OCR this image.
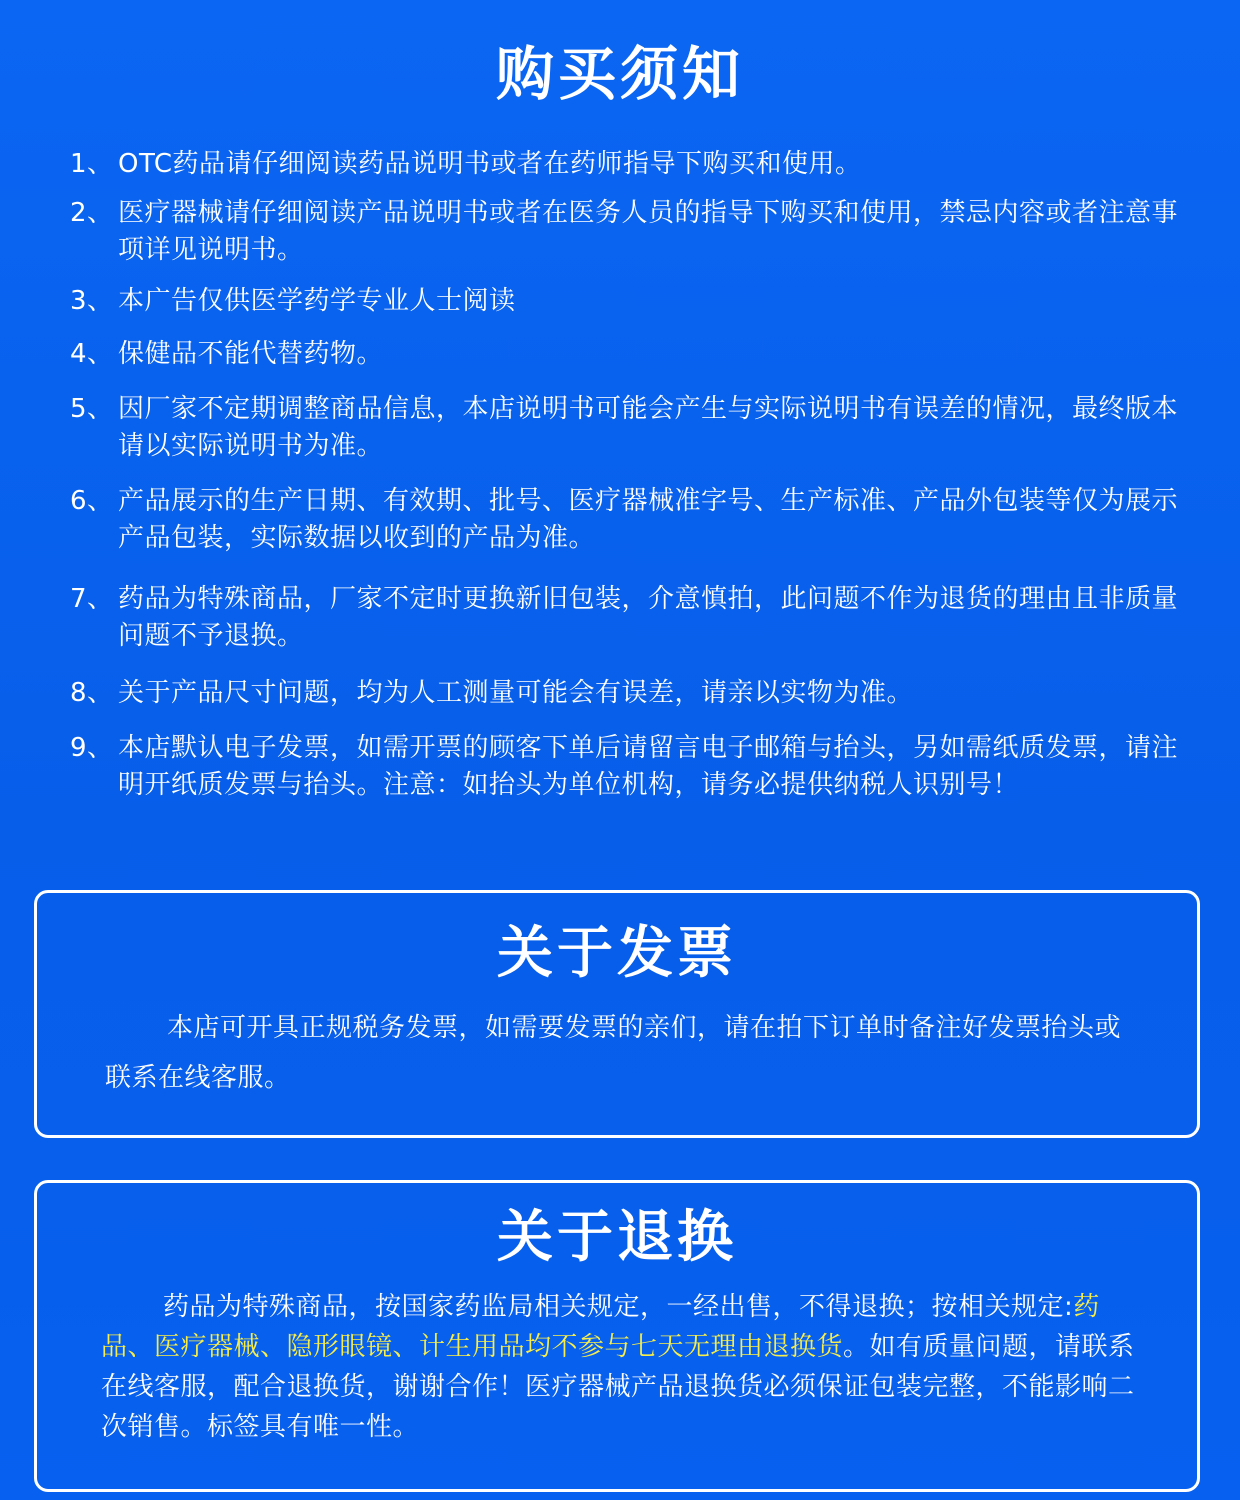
购买须知
1、 OTC药品请仔细阅读药品说明书或者在药师指导下购买和使用。
2、 医疗器械请仔细阅读产品说明书或者在医务人员的指导下购买和使用，禁忌内容或者注意事项详见说明书。
3、 本广告仅供医学药学专业人士阅读
4、 保健品不能代替药物。
5、 因厂家不定期调整商品信息，本店说明书可能会产生与实际说明书有误差的情况，最终版本请以实际说明书为准。
6、 产品展示的生产日期、有效期、批号、医疗器械准字号、生产标准、产品外包装等仅为展示产品包装，实际数据以收到的产品为准。
7、 药品为特殊商品，厂家不定时更换新旧包装，介意慎拍，此问题不作为退货的理由且非质量问题不予退换。
8、 关于产品尺寸问题，均为人工测量可能会有误差，请亲以实物为准。
9、 本店默认电子发票，如需开票的顾客下单后请留言电子邮箱与抬头，另如需纸质发票，请注明开纸质发票与抬头。注意：如抬头为单位机构，请务必提供纳税人识别号！
关于发票

本店可开具正规税务发票，如需要发票的亲们，请在拍下订单时备注好发票抬头或联系在线客服。

关于退换

药品为特殊商品，按国家药监局相关规定，一经出售，不得退换；按相关规定:药品、医疗器械、隐形眼镜、计生用品均不参与七天无理由退换货。如有质量问题，请联系在线客服，配合退换货，谢谢合作！医疗器械产品退换货必须保证包装完整，不能影响二次销售。标签具有唯一性。
